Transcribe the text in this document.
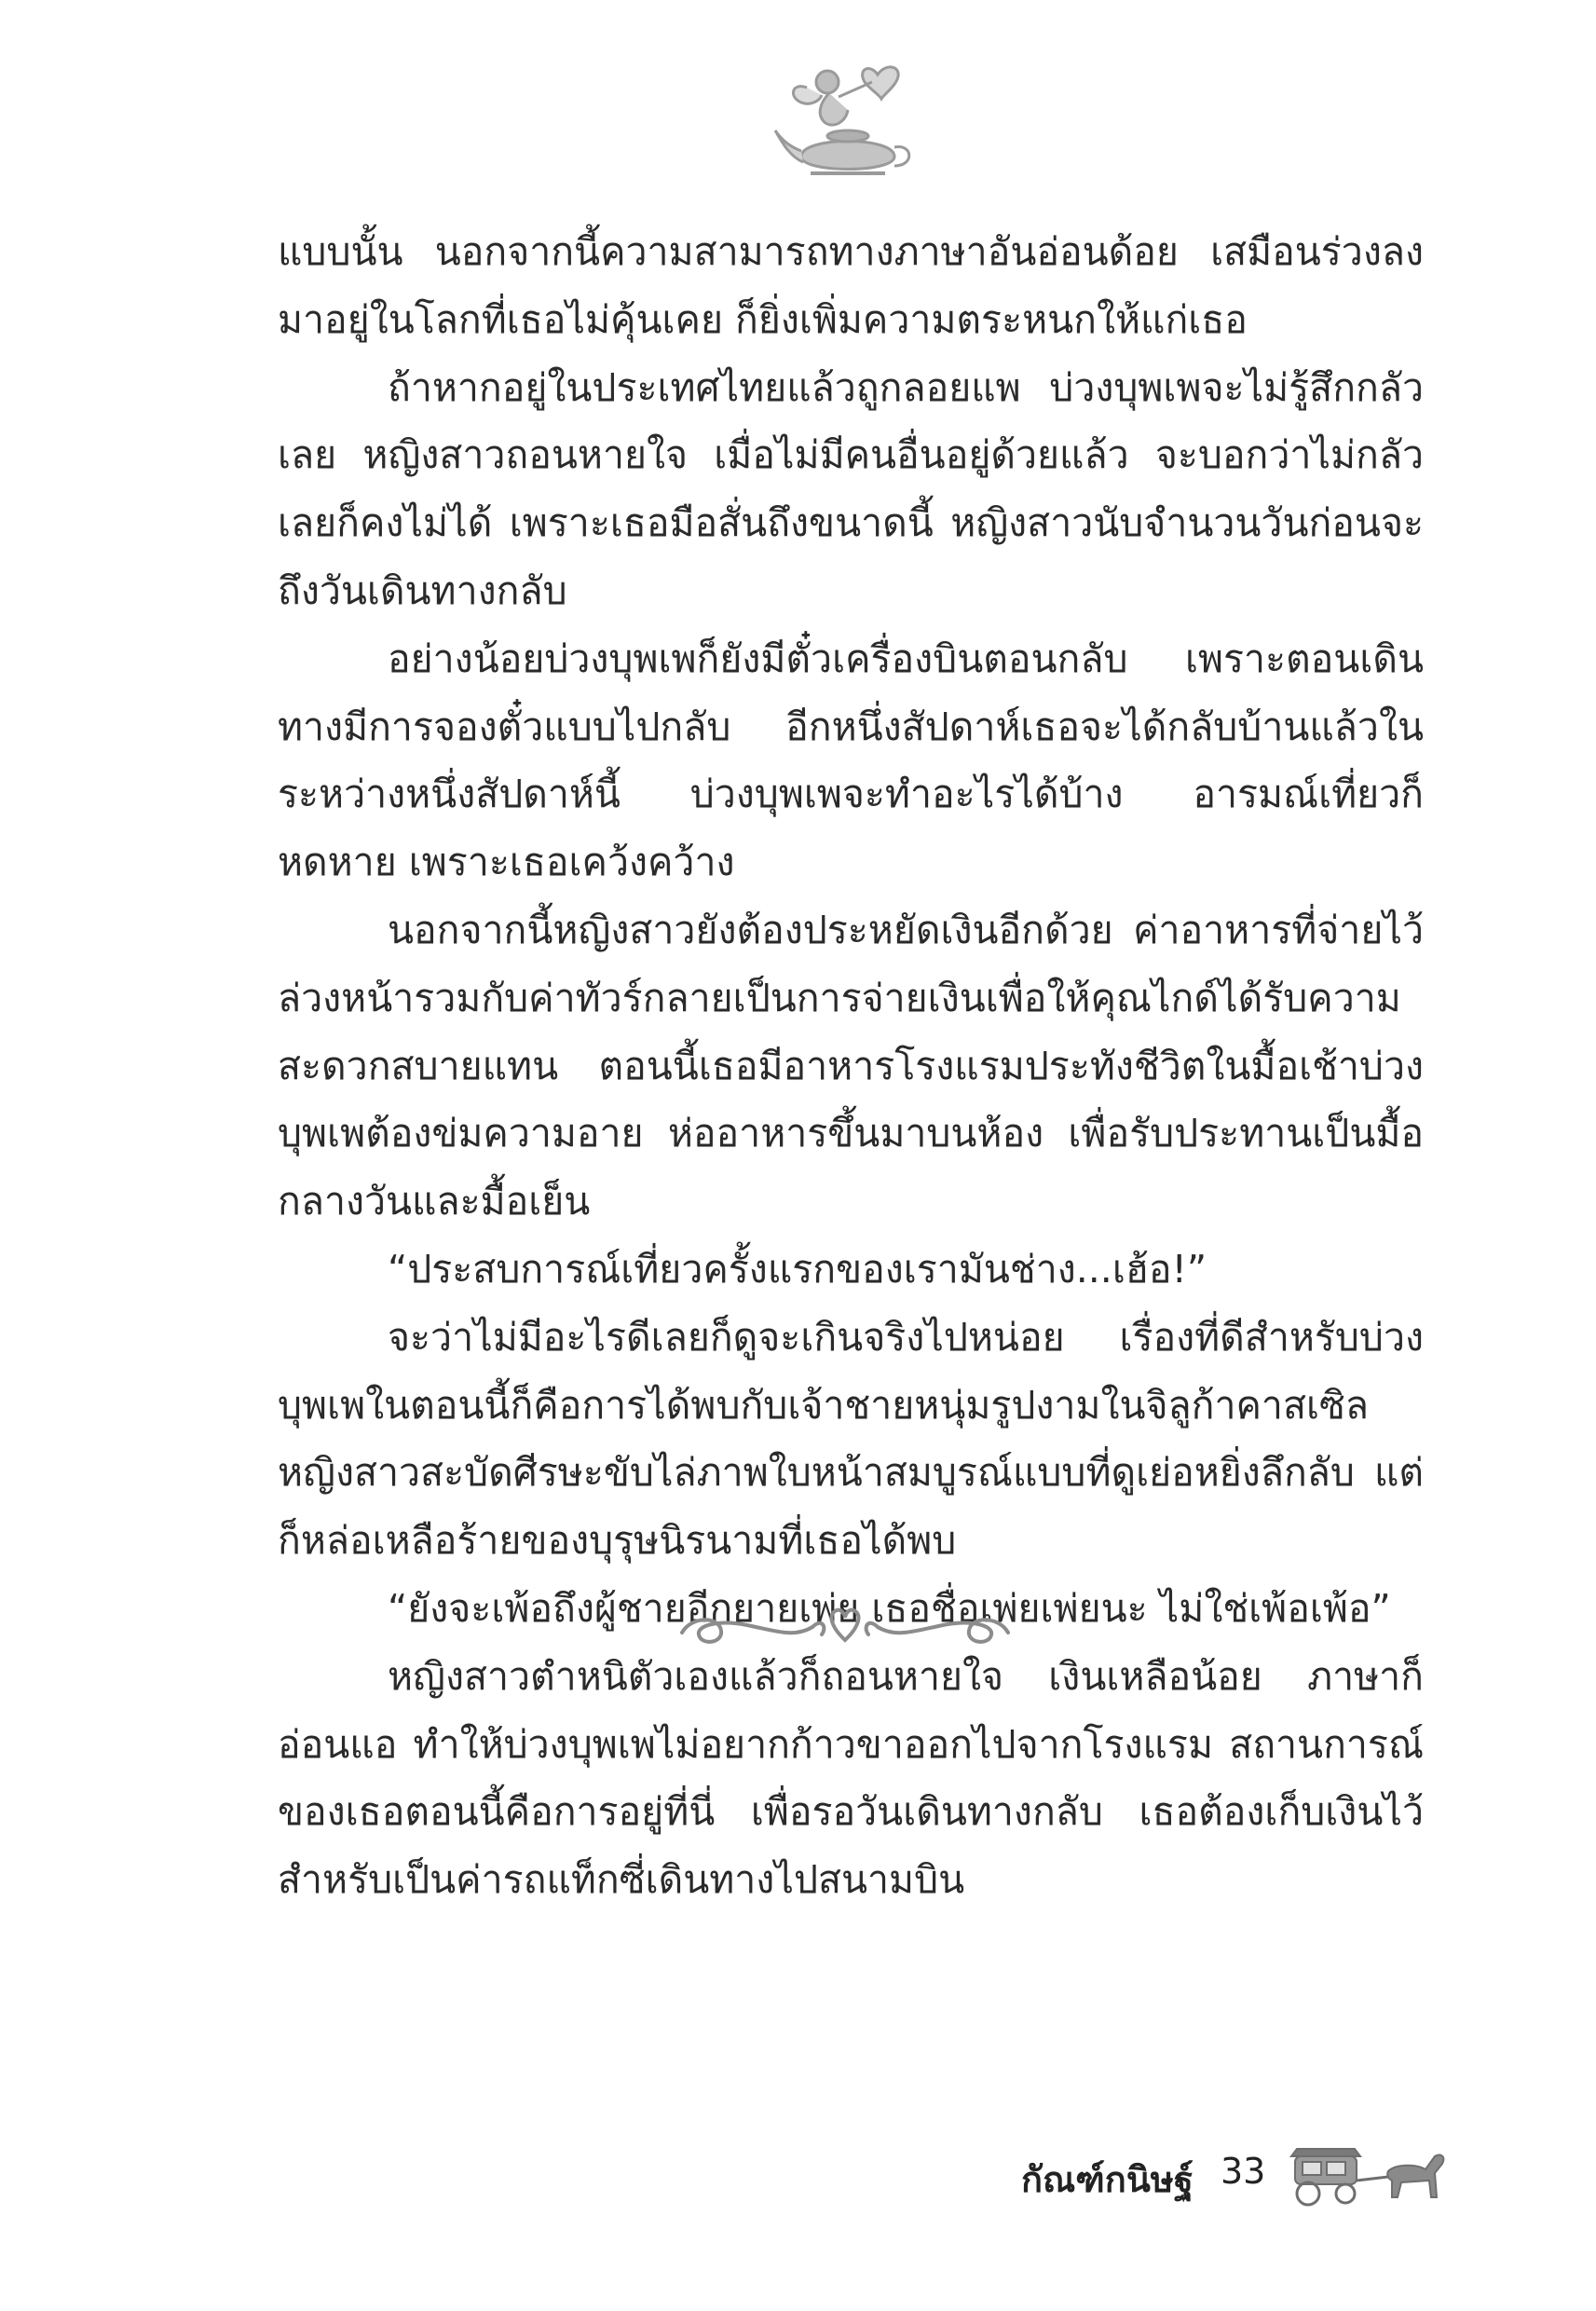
แบบนั้น นอกจากนี้ความสามารถทางภาษาอันอ่อนด้อย เสมือนร่วงลงมาอยู่ในโลกที่เธอไม่คุ้นเคย ก็ยิ่งเพิ่มความตระหนกให้แก่เธอ

ถ้าหากอยู่ในประเทศไทยแล้วถูกลอยแพ บ่วงบุพเพจะไม่รู้สึกกลัวเลย หญิงสาวถอนหายใจ เมื่อไม่มีคนอื่นอยู่ด้วยแล้ว จะบอกว่าไม่กลัวเลยก็คงไม่ได้ เพราะเธอมือสั่นถึงขนาดนี้ หญิงสาวนับจำนวนวันก่อนจะถึงวันเดินทางกลับ

อย่างน้อยบ่วงบุพเพก็ยังมีตั๋วเครื่องบินตอนกลับ เพราะตอนเดินทางมีการจองตั๋วแบบไปกลับ อีกหนึ่งสัปดาห์เธอจะได้กลับบ้านแล้วในระหว่างหนึ่งสัปดาห์นี้ บ่วงบุพเพจะทำอะไรได้บ้าง อารมณ์เที่ยวก็หดหาย เพราะเธอเคว้งคว้าง

นอกจากนี้หญิงสาวยังต้องประหยัดเงินอีกด้วย ค่าอาหารที่จ่ายไว้ล่วงหน้ารวมกับค่าทัวร์กลายเป็นการจ่ายเงินเพื่อให้คุณไกด์ได้รับความสะดวกสบายแทน ตอนนี้เธอมีอาหารโรงแรมประทังชีวิตในมื้อเช้าบ่วงบุพเพต้องข่มความอาย ห่ออาหารขึ้นมาบนห้อง เพื่อรับประทานเป็นมื้อกลางวันและมื้อเย็น

“ประสบการณ์เที่ยวครั้งแรกของเรามันช่าง...เฮ้อ!”

จะว่าไม่มีอะไรดีเลยก็ดูจะเกินจริงไปหน่อย เรื่องที่ดีสำหรับบ่วงบุพเพในตอนนี้ก็คือการได้พบกับเจ้าชายหนุ่มรูปงามในจิลูก้าคาสเซิล หญิงสาวสะบัดศีรษะขับไล่ภาพใบหน้าสมบูรณ์แบบที่ดูเย่อหยิ่งลึกลับ แต่ก็หล่อเหลือร้ายของบุรุษนิรนามที่เธอได้พบ

“ยังจะเพ้อถึงผู้ชายอีกยายเพ่ย เธอชื่อเพ่ยเพ่ยนะ ไม่ใช่เพ้อเพ้อ”

หญิงสาวตำหนิตัวเองแล้วก็ถอนหายใจ เงินเหลือน้อย ภาษาก็อ่อนแอ ทำให้บ่วงบุพเพไม่อยากก้าวขาออกไปจากโรงแรม สถานการณ์ของเธอตอนนี้คือการอยู่ที่นี่ เพื่อรอวันเดินทางกลับ เธอต้องเก็บเงินไว้สำหรับเป็นค่ารถแท็กซี่เดินทางไปสนามบิน

กัณฑ์กนิษฐ์ 33
